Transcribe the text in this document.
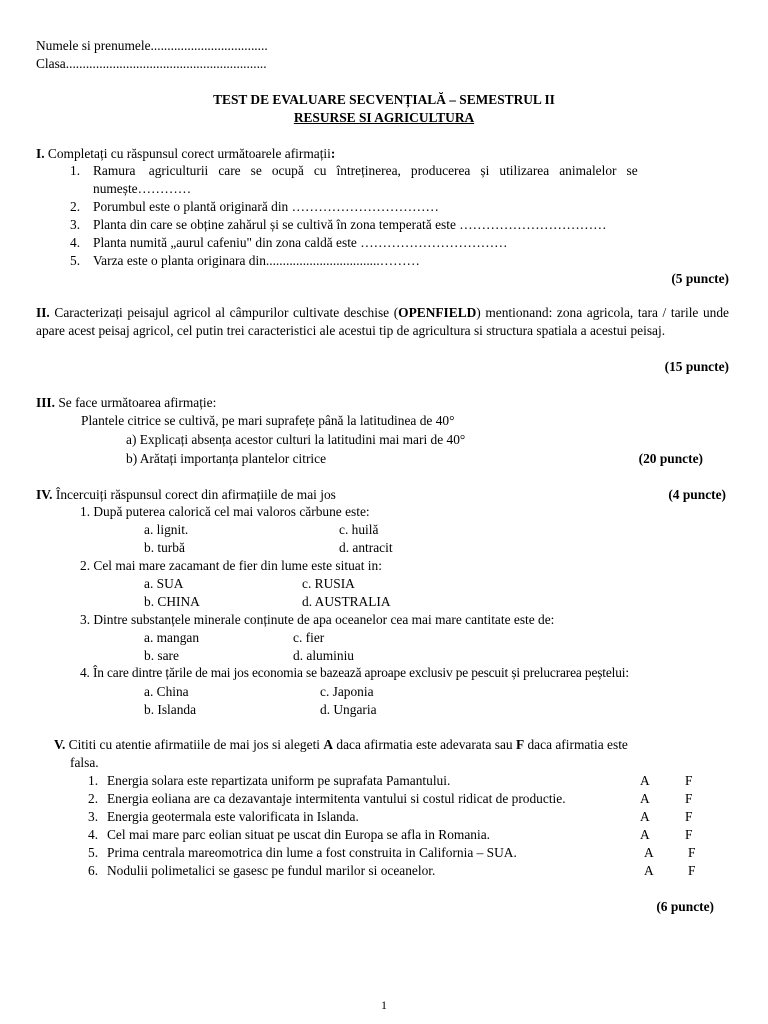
Numele si prenumele...................................
Clasa............................................................
TEST DE EVALUARE SECVENȚIALĂ – SEMESTRUL II
RESURSE SI AGRICULTURA
I. Completați cu răspunsul corect următoarele afirmații:
1. Ramura    agriculturii   care   se   ocupă   cu   întreținerea,   producerea   și   utilizarea   animalelor   se
numește…………
2. Porumbul este o plantă originară din ……………………………
3. Planta din care se obține zahărul și se cultivă în zona temperată este ……………………………
4. Planta numită „aurul cafeniu" din zona caldă este ……………………………
5. Varza este o planta originara din..................................………
(5 puncte)
II. Caracterizați peisajul agricol al câmpurilor cultivate deschise (OPENFIELD) mentionand: zona agricola, tara / tarile unde apare acest peisaj agricol, cel putin trei caracteristici ale acestui tip de agricultura si structura spatiala a acestui peisaj.
(15 puncte)
III. Se face următoarea afirmație:
Plantele citrice se cultivă, pe mari suprafețe până la latitudinea de 40°
a) Explicați absența acestor culturi la latitudini mai mari de 40°
b) Arătați importanța plantelor citrice	(20 puncte)
IV. Încercuiți răspunsul corect din afirmațiile de mai jos	(4 puncte)
1. După puterea calorică cel mai valoros cărbune este:
a. lignit.	c. huilă
b. turbă	d. antracit
2. Cel mai mare zacamant de fier din lume este situat in:
a. SUA	c. RUSIA
b. CHINA	d. AUSTRALIA
3. Dintre substanțele minerale conținute de apa oceanelor cea mai mare cantitate este de:
a. mangan	c. fier
b. sare	d. aluminiu
4. În care dintre țările de mai jos economia se bazează aproape exclusiv pe pescuit și prelucrarea peștelui:
a. China	c. Japonia
b. Islanda	d. Ungaria
V. Cititi cu atentie afirmatiile de mai jos si alegeti A daca afirmatia este adevarata sau F daca afirmatia este
falsa.
1. Energia solara este repartizata uniform pe suprafata Pamantului.	A	F
2. Energia eoliana are ca dezavantaje intermitenta vantului si costul ridicat de productie.	A	F
3. Energia geotermala este valorificata in Islanda.	A	F
4. Cel mai mare parc eolian situat pe uscat din Europa se afla in Romania.	A	F
5. Prima centrala mareomotrica din lume a fost construita in California – SUA.	A	F
6. Nodulii polimetalici se gasesc pe fundul marilor si oceanelor.	A	F
(6 puncte)
1
